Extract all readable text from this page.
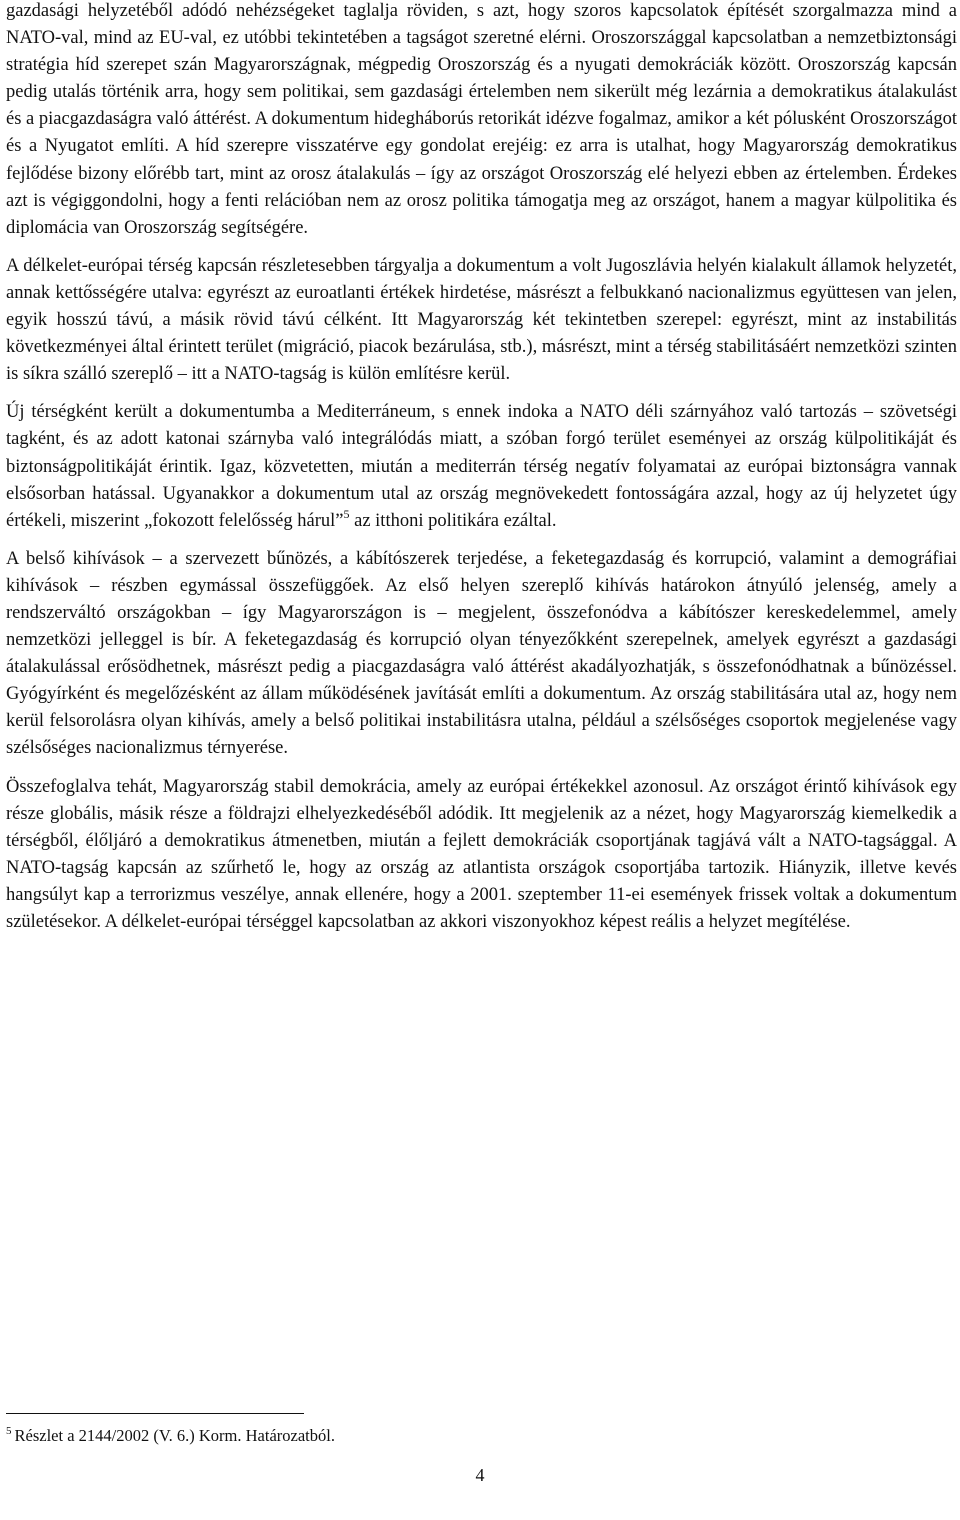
gazdasági helyzetéből adódó nehézségeket taglalja röviden, s azt, hogy szoros kapcsolatok építését szorgalmazza mind a NATO-val, mind az EU-val, ez utóbbi tekintetében a tagságot szeretné elérni. Oroszországgal kapcsolatban a nemzetbiztonsági stratégia híd szerepet szán Magyarországnak, mégpedig Oroszország és a nyugati demokráciák között. Oroszország kapcsán pedig utalás történik arra, hogy sem politikai, sem gazdasági értelemben nem sikerült még lezárnia a demokratikus átalakulást és a piacgazdaságra való áttérést. A dokumentum hidegháborús retorikát idézve fogalmaz, amikor a két pólusként Oroszországot és a Nyugatot említi. A híd szerepre visszatérve egy gondolat erejéig: ez arra is utalhat, hogy Magyarország demokratikus fejlődése bizony előrébb tart, mint az orosz átalakulás – így az országot Oroszország elé helyezi ebben az értelemben. Érdekes azt is végiggondolni, hogy a fenti relációban nem az orosz politika támogatja meg az országot, hanem a magyar külpolitika és diplomácia van Oroszország segítségére.

A délkelet-európai térség kapcsán részletesebben tárgyalja a dokumentum a volt Jugoszlávia helyén kialakult államok helyzetét, annak kettősségére utalva: egyrészt az euroatlanti értékek hirdetése, másrészt a felbukkanó nacionalizmus együttesen van jelen, egyik hosszú távú, a másik rövid távú célként. Itt Magyarország két tekintetben szerepel: egyrészt, mint az instabilitás következményei által érintett terület (migráció, piacok bezárulása, stb.), másrészt, mint a térség stabilitásáért nemzetközi szinten is síkra szálló szereplő – itt a NATO-tagság is külön említésre kerül.

Új térségként került a dokumentumba a Mediterráneum, s ennek indoka a NATO déli szárnyához való tartozás – szövetségi tagként, és az adott katonai szárnyba való integrálódás miatt, a szóban forgó terület eseményei az ország külpolitikáját és biztonságpolitikáját érintik. Igaz, közvetetten, miután a mediterrán térség negatív folyamatai az európai biztonságra vannak elsősorban hatással. Ugyanakkor a dokumentum utal az ország megnövekedett fontosságára azzal, hogy az új helyzetet úgy értékeli, miszerint „fokozott felelősség hárul”$^5$ az itthoni politikára ezáltal.

A belső kihívások – a szervezett bűnözés, a kábítószerek terjedése, a feketegazdaság és korrupció, valamint a demográfiai kihívások – részben egymással összefüggőek. Az első helyen szereplő kihívás határokon átnyúló jelenség, amely a rendszerváltó országokban – így Magyarországon is – megjelent, összefonódva a kábítószer kereskedelemmel, amely nemzetközi jelleggel is bír. A feketegazdaság és korrupció olyan tényezőkként szerepelnek, amelyek egyrészt a gazdasági átalakulással erősödhetnek, másrészt pedig a piacgazdaságra való áttérést akadályozhatják, s összefonódhatnak a bűnözéssel. Gyógyírként és megelőzésként az állam működésének javítását említi a dokumentum. Az ország stabilitására utal az, hogy nem kerül felsorolásra olyan kihívás, amely a belső politikai instabilitásra utalna, például a szélsőséges csoportok megjelenése vagy szélsőséges nacionalizmus térnyerése.

Összefoglalva tehát, Magyarország stabil demokrácia, amely az európai értékekkel azonosul. Az országot érintő kihívások egy része globális, másik része a földrajzi elhelyezkedéséből adódik. Itt megjelenik az a nézet, hogy Magyarország kiemelkedik a térségből, élőljáró a demokratikus átmenetben, miután a fejlett demokráciák csoportjának tagjává vált a NATO-tagsággal. A NATO-tagság kapcsán az szűrhető le, hogy az ország az atlantista országok csoportjába tartozik. Hiányzik, illetve kevés hangsúlyt kap a terrorizmus veszélye, annak ellenére, hogy a 2001. szeptember 11-ei események frissek voltak a dokumentum születésekor. A délkelet-európai térséggel kapcsolatban az akkori viszonyokhoz képest reális a helyzet megítélése.

$^5$ Részlet a 2144/2002 (V. 6.) Korm. Határozatból.
4
